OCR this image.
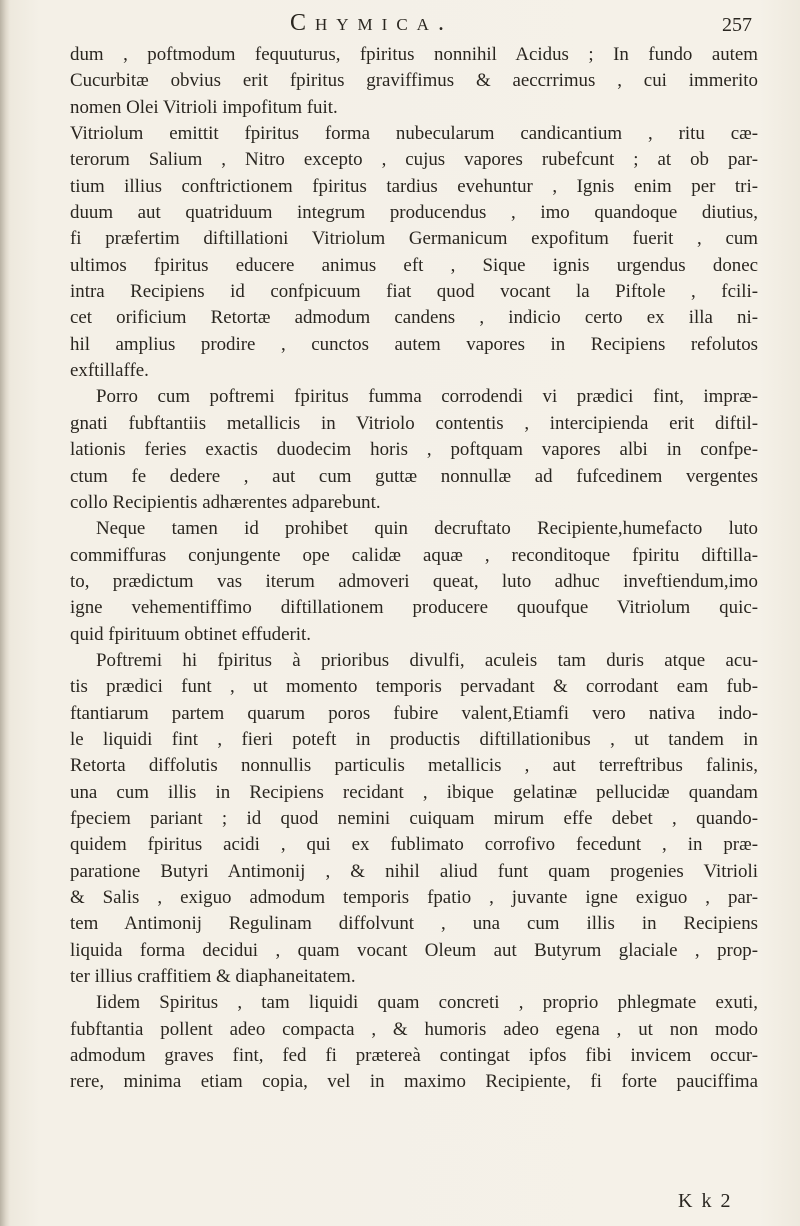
Chymica.	257
dum , poftmodum fequuturus, fpiritus nonnihil Acidus ; In fundo autem
Cucurbitæ obvius erit fpiritus graviffimus & aeccrrimus , cui immerito
nomen Olei Vitrioli impofitum fuit.
Vitriolum emittit fpiritus forma nubecularum candicantium , ritu cæ-
terorum Salium , Nitro excepto , cujus vapores rubefcunt ; at ob par-
tium illius conftrictionem fpiritus tardius evehuntur , Ignis enim per tri-
duum aut quatriduum integrum producendus , imo quandoque diutius,
fi præfertim diftillationi Vitriolum Germanicum expofitum fuerit , cum
ultimos fpiritus educere animus eft , Sique ignis urgendus donec
intra Recipiens id confpicuum fiat quod vocant la Piftole , fcili-
cet orificium Retortæ admodum candens , indicio certo ex illa ni-
hil amplius prodire , cunctos autem vapores in Recipiens refolutos
exftillaffe.
Porro cum poftremi fpiritus fumma corrodendi vi prædici fint, impræ-
gnati fubftantiis metallicis in Vitriolo contentis , intercipienda erit diftil-
lationis feries exactis duodecim horis , poftquam vapores albi in confpe-
ctum fe dedere , aut cum guttæ nonnullæ ad fufcedinem vergentes
collo Recipientis adhærentes adparebunt.
Neque tamen id prohibet quin decruftato Recipiente,humefacto luto
commiffuras conjungente ope calidæ aquæ , reconditoque fpiritu diftilla-
to, prædictum vas iterum admoveri queat, luto adhuc inveftiendum,imo
igne vehementiffimo diftillationem producere quoufque Vitriolum quic-
quid fpirituum obtinet effuderit.
Poftremi hi fpiritus à prioribus divulfi, aculeis tam duris atque acu-
tis prædici funt , ut momento temporis pervadant & corrodant eam fub-
ftantiarum partem quarum poros fubire valent,Etiamfi vero nativa indo-
le liquidi fint , fieri poteft in productis diftillationibus , ut tandem in
Retorta diffolutis nonnullis particulis metallicis , aut terreftribus falinis,
una cum illis in Recipiens recidant , ibique gelatinæ pellucidæ quandam
fpeciem pariant ; id quod nemini cuiquam mirum effe debet , quando-
quidem fpiritus acidi , qui ex fublimato corrofivo fecedunt , in præ-
paratione Butyri Antimonij , & nihil aliud funt quam progenies Vitrioli
& Salis , exiguo admodum temporis fpatio , juvante igne exiguo , par-
tem Antimonij Regulinam diffolvunt , una cum illis in Recipiens
liquida forma decidui , quam vocant Oleum aut Butyrum glaciale , prop-
ter illius craffitiem & diaphaneitatem.
Iidem Spiritus , tam liquidi quam concreti , proprio phlegmate exuti,
fubftantia pollent adeo compacta , & humoris adeo egena , ut non modo
admodum graves fint, fed fi prætereà contingat ipfos fibi invicem occur-
rere, minima etiam copia, vel in maximo Recipiente, fi forte pauciffima
K k 2
